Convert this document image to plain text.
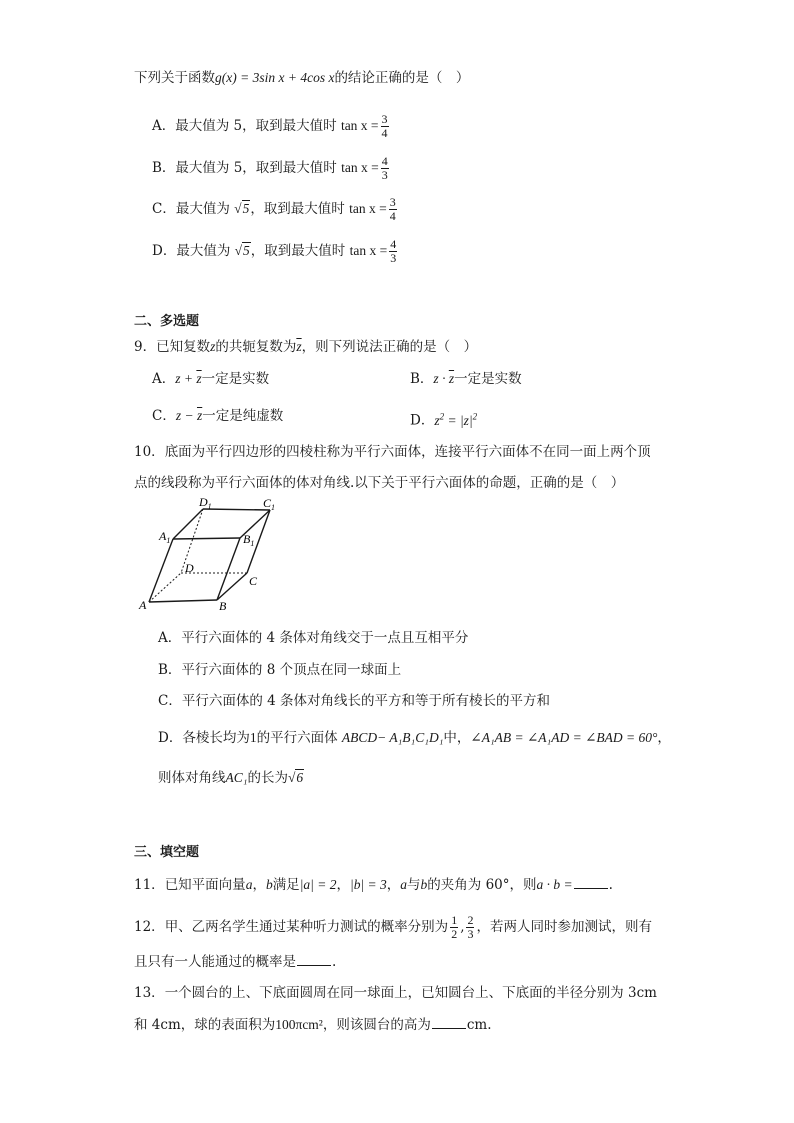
下列关于函数g(x) = 3sin x + 4cos x的结论正确的是（　）
A．最大值为 5，取到最大值时 $\tan x = \frac{3}{4}$
B．最大值为 5，取到最大值时 $\tan x = \frac{4}{3}$
C．最大值为 √5，取到最大值时 $\tan x = \frac{3}{4}$
D．最大值为 √5，取到最大值时 $\tan x = \frac{4}{3}$
二、多选题
9．已知复数z的共轭复数为$\overline{z}$，则下列说法正确的是（　）
A．$z + \overline{z}$一定是实数	B．$z \cdot \overline{z}$一定是实数
C．$z - \overline{z}$一定是纯虚数	D．$z^2 = |z|^2$
10．底面为平行四边形的四棱柱称为平行六面体，连接平行六面体不在同一面上两个顶
点的线段称为平行六面体的体对角线.以下关于平行六面体的命题，正确的是（　）
$D_1$	$C_1$
$A_1$	$B_1$
D
C
A	B
A．平行六面体的 4 条体对角线交于一点且互相平分
B．平行六面体的 8 个顶点在同一球面上
C．平行六面体的 4 条体对角线长的平方和等于所有棱长的平方和
D．各棱长均为1的平行六面体 ABCD− A₁B₁C₁D₁中，∠A₁AB = ∠A₁AD = ∠BAD = 60°，
则体对角线AC₁的长为√6
三、填空题
11．已知平面向量a，b满足|a| = 2，|b| = 3，a与b的夹角为 60°，则a · b =	.
12．甲、乙两名学生通过某种听力测试的概率分别为 $\frac{1}{2}$ , $\frac{2}{3}$ ，若两人同时参加测试，则有
且只有一人能通过的概率是	.
13．一个圆台的上、下底面圆周在同一球面上，已知圆台上、下底面的半径分别为 3cm
和 4cm，球的表面积为100πcm²，则该圆台的高为	cm.
